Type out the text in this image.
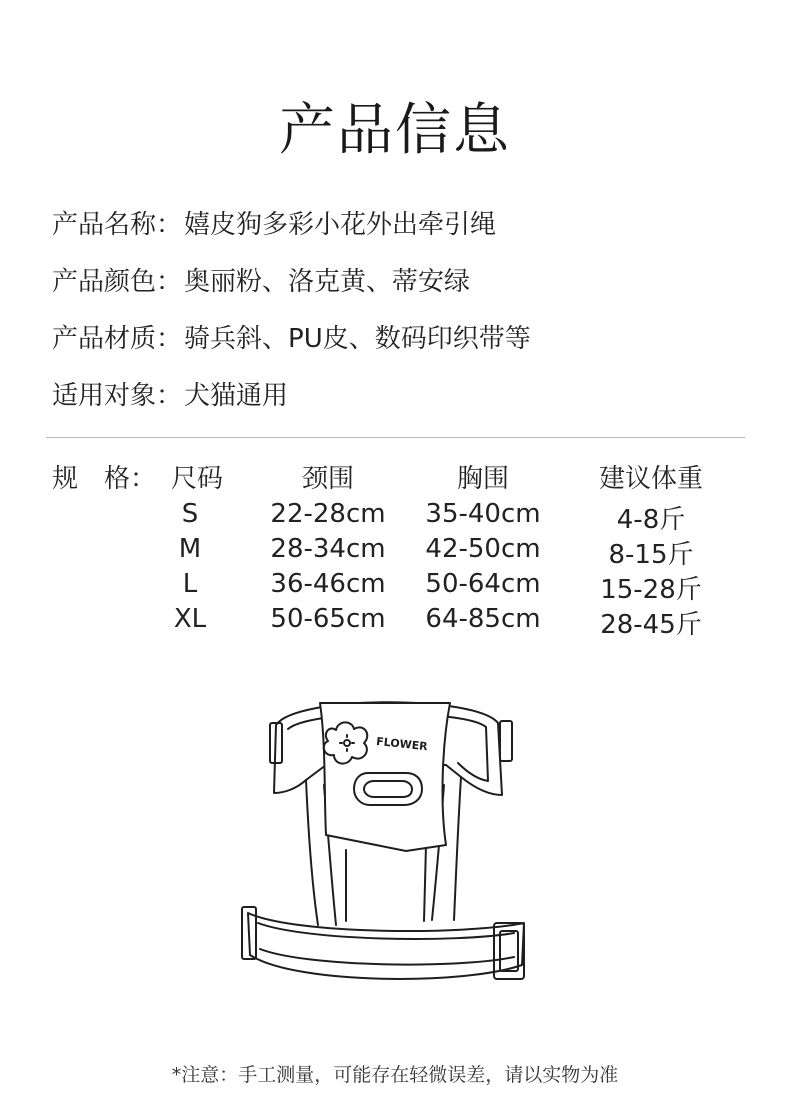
产品信息
产品名称：嬉皮狗多彩小花外出牵引绳
产品颜色：奥丽粉、洛克黄、蒂安绿
产品材质：骑兵斜、PU皮、数码印织带等
适用对象：犬猫通用
规　格： 尺码	颈围	胸围	建议体重
S	22-28cm 35-40cm	4-8斤
M	28-34cm 42-50cm	8-15斤
L	36-46cm 50-64cm 15-28斤
XL 50-65cm 64-85cm 28-45斤
FLOWER
*注意：手工测量，可能存在轻微误差，请以实物为准
